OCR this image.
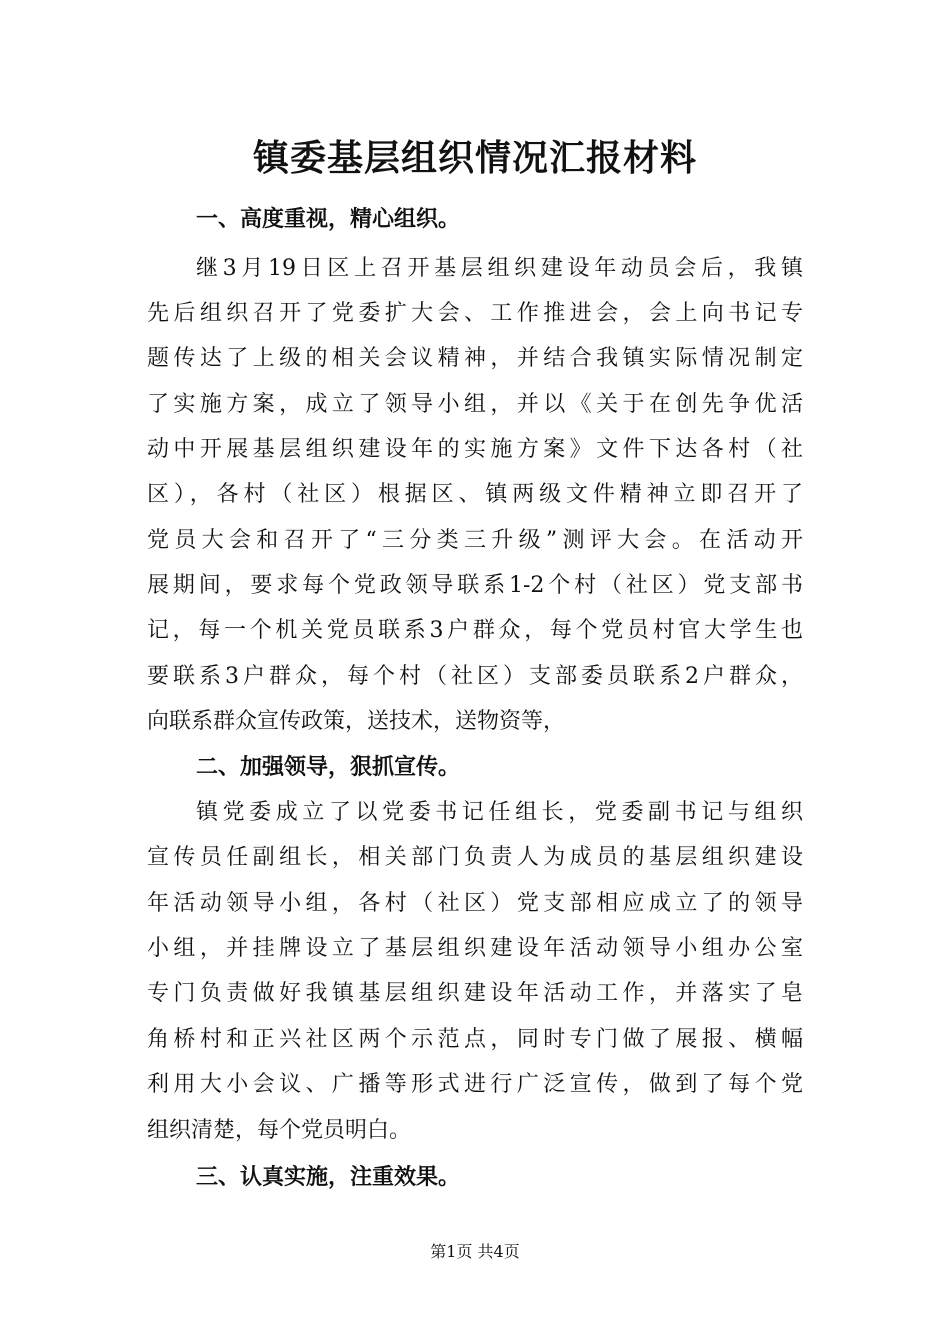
镇委基层组织情况汇报材料
一、高度重视，精心组织。
继3月19日区上召开基层组织建设年动员会后，我镇
先后组织召开了党委扩大会、工作推进会，会上向书记专
题传达了上级的相关会议精神，并结合我镇实际情况制定
了实施方案，成立了领导小组，并以《关于在创先争优活
动中开展基层组织建设年的实施方案》文件下达各村（社
区），各村（社区）根据区、镇两级文件精神立即召开了
党员大会和召开了“三分类三升级”测评大会。在活动开
展期间，要求每个党政领导联系1-2个村（社区）党支部书
记，每一个机关党员联系3户群众，每个党员村官大学生也
要联系3户群众，每个村（社区）支部委员联系2户群众，
向联系群众宣传政策，送技术，送物资等，
二、加强领导，狠抓宣传。
镇党委成立了以党委书记任组长，党委副书记与组织
宣传员任副组长，相关部门负责人为成员的基层组织建设
年活动领导小组，各村（社区）党支部相应成立了的领导
小组，并挂牌设立了基层组织建设年活动领导小组办公室
专门负责做好我镇基层组织建设年活动工作，并落实了皂
角桥村和正兴社区两个示范点，同时专门做了展报、横幅
利用大小会议、广播等形式进行广泛宣传，做到了每个党
组织清楚，每个党员明白。
三、认真实施，注重效果。
第1页 共4页
